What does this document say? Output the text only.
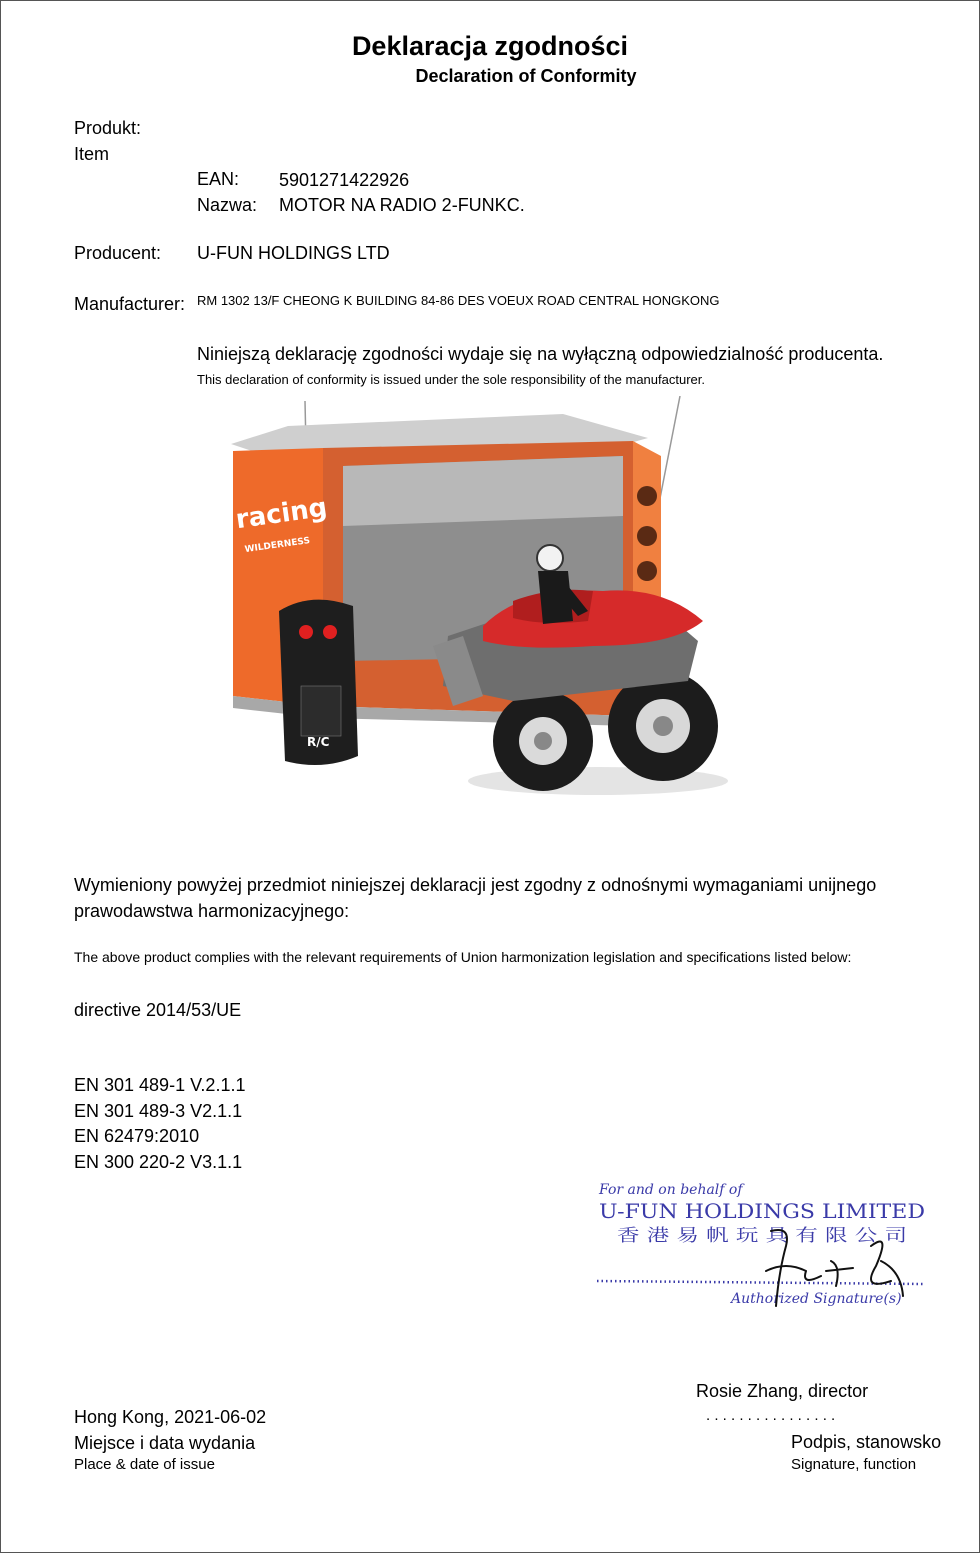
Deklaracja zgodności
Declaration of Conformity
Produkt:
Item
EAN: 5901271422926
Nazwa: MOTOR NA RADIO 2-FUNKC.
Producent: U-FUN HOLDINGS LTD
Manufacturer: RM 1302 13/F CHEONG K BUILDING 84-86 DES VOEUX ROAD CENTRAL HONGKONG
Niniejszą deklarację zgodności wydaje się na wyłączną odpowiedzialność producenta.
This declaration of conformity is issued under the sole responsibility of the manufacturer.
racing
WILDERNESS
R/C
Wymieniony powyżej przedmiot niniejszej deklaracji jest zgodny z odnośnymi wymaganiami unijnego
prawodawstwa harmonizacyjnego:
The above product complies with the relevant requirements of Union harmonization legislation and specifications listed below:
directive 2014/53/UE
EN 301 489-1 V.2.1.1
EN 301 489-3 V2.1.1
EN 62479:2010
EN 300 220-2 V3.1.1
For and on behalf of
U-FUN HOLDINGS LIMITED
香 港 易 帆 玩 具 有 限 公 司
Authorized Signature(s)
Rosie Zhang, director
. . . . . . . . . . . . . . . .
Podpis, stanowsko
Signature, function
Hong Kong, 2021-06-02
Miejsce i data wydania
Place & date of issue
